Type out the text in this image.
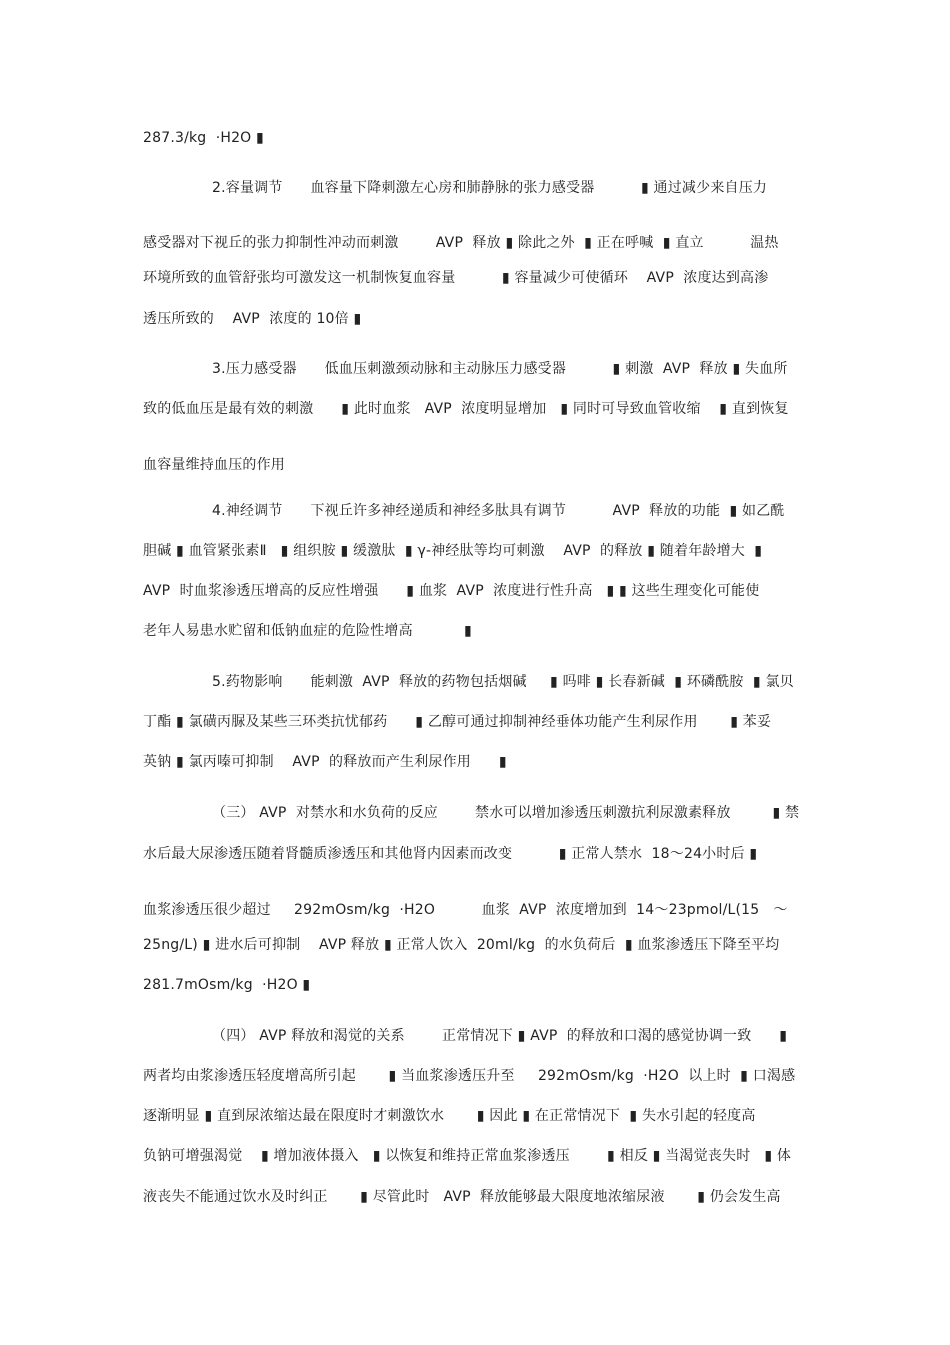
287.3/kg  ·H2O ▮
2.容量调节      血容量下降刺激左心房和肺静脉的张力感受器          ▮ 通过减少来自压力
感受器对下视丘的张力抑制性冲动而刺激        AVP  释放 ▮ 除此之外  ▮ 正在呼喊  ▮ 直立          温热
环境所致的血管舒张均可激发这一机制恢复血容量          ▮ 容量减少可使循环    AVP  浓度达到高渗
透压所致的    AVP  浓度的 10倍 ▮
3.压力感受器      低血压刺激颈动脉和主动脉压力感受器          ▮ 刺激  AVP  释放 ▮ 失血所
致的低血压是最有效的刺激      ▮ 此时血浆   AVP  浓度明显增加   ▮ 同时可导致血管收缩    ▮ 直到恢复
血容量维持血压的作用
4.神经调节      下视丘许多神经递质和神经多肽具有调节          AVP  释放的功能  ▮ 如乙酰
胆碱 ▮ 血管紧张素Ⅱ   ▮ 组织胺 ▮ 缓激肽  ▮ γ-神经肽等均可刺激    AVP  的释放 ▮ 随着年龄增大  ▮
AVP  时血浆渗透压增高的反应性增强      ▮ 血浆  AVP  浓度进行性升高   ▮ ▮ 这些生理变化可能使
老年人易患水贮留和低钠血症的危险性增高           ▮
5.药物影响      能刺激  AVP  释放的药物包括烟碱     ▮ 吗啡 ▮ 长春新碱  ▮ 环磷酰胺  ▮ 氯贝
丁酯 ▮ 氯磺丙脲及某些三环类抗忧郁药      ▮ 乙醇可通过抑制神经垂体功能产生利尿作用       ▮ 苯妥
英钠 ▮ 氯丙嗪可抑制    AVP  的释放而产生利尿作用      ▮
（三） AVP  对禁水和水负荷的反应        禁水可以增加渗透压刺激抗利尿激素释放         ▮ 禁
水后最大尿渗透压随着肾髓质渗透压和其他肾内因素而改变          ▮ 正常人禁水  18～24小时后 ▮
血浆渗透压很少超过     292mOsm/kg  ·H2O          血浆  AVP  浓度增加到  14～23pmol/L(15   ～
25ng/L) ▮ 进水后可抑制    AVP 释放 ▮ 正常人饮入  20ml/kg  的水负荷后  ▮ 血浆渗透压下降至平均
281.7mOsm/kg  ·H2O ▮
（四） AVP 释放和渴觉的关系        正常情况下 ▮ AVP  的释放和口渴的感觉协调一致      ▮
两者均由浆渗透压轻度增高所引起       ▮ 当血浆渗透压升至     292mOsm/kg  ·H2O  以上时  ▮ 口渴感
逐渐明显 ▮ 直到尿浓缩达最在限度时才刺激饮水       ▮ 因此 ▮ 在正常情况下  ▮ 失水引起的轻度高
负钠可增强渴觉    ▮ 增加液体摄入   ▮ 以恢复和维持正常血浆渗透压        ▮ 相反 ▮ 当渴觉丧失时   ▮ 体
液丧失不能通过饮水及时纠正       ▮ 尽管此时   AVP  释放能够最大限度地浓缩尿液       ▮ 仍会发生高
